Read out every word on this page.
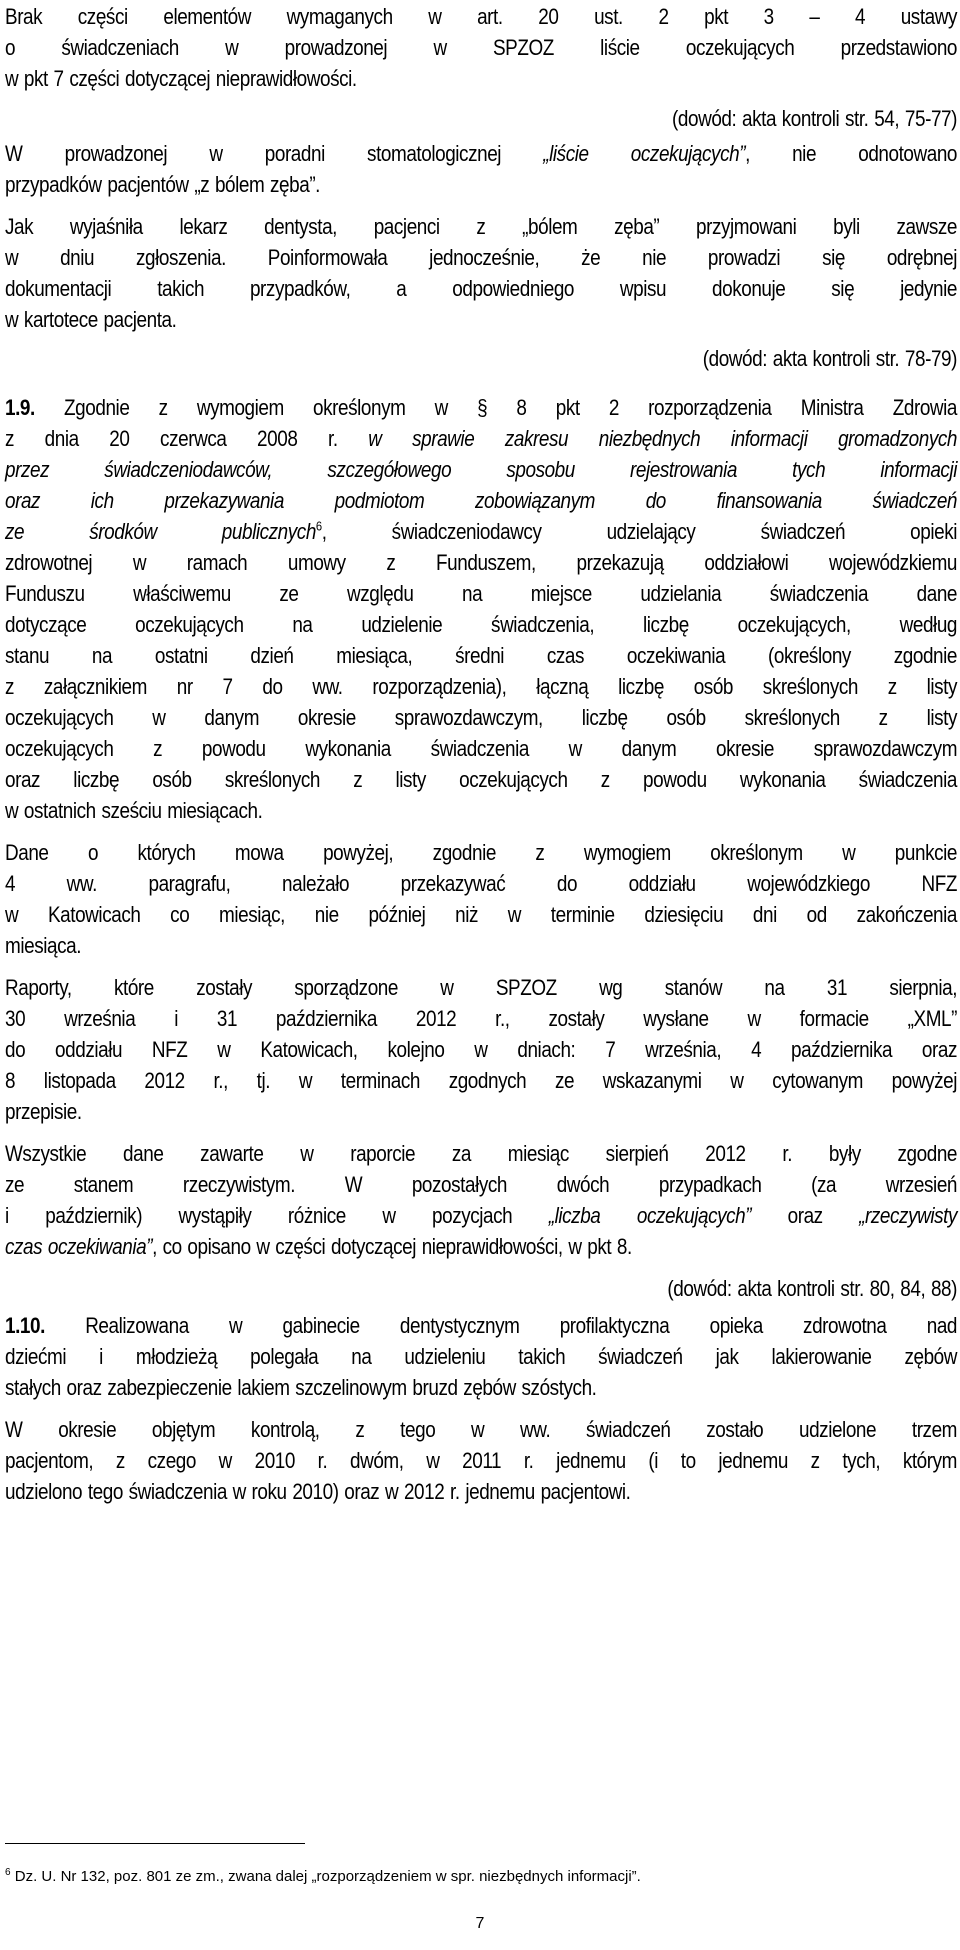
Brak części elementów wymaganych w art. 20 ust. 2 pkt 3 – 4 ustawy
o świadczeniach w prowadzonej w SPZOZ liście oczekujących przedstawiono
w pkt 7 części dotyczącej nieprawidłowości.
(dowód: akta kontroli str. 54, 75-77)
W prowadzonej w poradni stomatologicznej „liście oczekujących”, nie odnotowano
przypadków pacjentów „z bólem zęba”.
Jak wyjaśniła lekarz dentysta, pacjenci z „bólem zęba” przyjmowani byli zawsze
w dniu zgłoszenia. Poinformowała jednocześnie, że nie prowadzi się odrębnej
dokumentacji takich przypadków, a odpowiedniego wpisu dokonuje się jedynie
w kartotece pacjenta.
(dowód: akta kontroli str. 78-79)
1.9. Zgodnie z wymogiem określonym w § 8 pkt 2 rozporządzenia Ministra Zdrowia
z dnia 20 czerwca 2008 r. w sprawie zakresu niezbędnych informacji gromadzonych
przez świadczeniodawców, szczegółowego sposobu rejestrowania tych informacji
oraz ich przekazywania podmiotom zobowiązanym do finansowania świadczeń
ze środków publicznych$^6$, świadczeniodawcy udzielający świadczeń opieki
zdrowotnej w ramach umowy z Funduszem, przekazują oddziałowi wojewódzkiemu
Funduszu właściwemu ze względu na miejsce udzielania świadczenia dane
dotyczące oczekujących na udzielenie świadczenia, liczbę oczekujących, według
stanu na ostatni dzień miesiąca, średni czas oczekiwania (określony zgodnie
z załącznikiem nr 7 do ww. rozporządzenia), łączną liczbę osób skreślonych z listy
oczekujących w danym okresie sprawozdawczym, liczbę osób skreślonych z listy
oczekujących z powodu wykonania świadczenia w danym okresie sprawozdawczym
oraz liczbę osób skreślonych z listy oczekujących z powodu wykonania świadczenia
w ostatnich sześciu miesiącach.
Dane o których mowa powyżej, zgodnie z wymogiem określonym w punkcie
4 ww. paragrafu, należało przekazywać do oddziału wojewódzkiego NFZ
w Katowicach co miesiąc, nie później niż w terminie dziesięciu dni od zakończenia
miesiąca.
Raporty, które zostały sporządzone w SPZOZ wg stanów na 31 sierpnia,
30 września i 31 października 2012 r., zostały wysłane w formacie „XML”
do oddziału NFZ w Katowicach, kolejno w dniach: 7 września, 4 października oraz
8 listopada 2012 r., tj. w terminach zgodnych ze wskazanymi w cytowanym powyżej
przepisie.
Wszystkie dane zawarte w raporcie za miesiąc sierpień 2012 r. były zgodne
ze stanem rzeczywistym. W pozostałych dwóch przypadkach (za wrzesień
i październik) wystąpiły różnice w pozycjach „liczba oczekujących” oraz „rzeczywisty
czas oczekiwania”, co opisano w części dotyczącej nieprawidłowości, w pkt 8.
(dowód: akta kontroli str. 80, 84, 88)
1.10. Realizowana w gabinecie dentystycznym profilaktyczna opieka zdrowotna nad
dziećmi i młodzieżą polegała na udzieleniu takich świadczeń jak lakierowanie zębów
stałych oraz zabezpieczenie lakiem szczelinowym bruzd zębów szóstych.
W okresie objętym kontrolą, z tego w ww. świadczeń zostało udzielone trzem
pacjentom, z czego w 2010 r. dwóm, w 2011 r. jednemu (i to jednemu z tych, którym
udzielono tego świadczenia w roku 2010) oraz w 2012 r. jednemu pacjentowi.
$^6$ Dz. U. Nr 132, poz. 801 ze zm., zwana dalej „rozporządzeniem w spr. niezbędnych informacji”.
7
